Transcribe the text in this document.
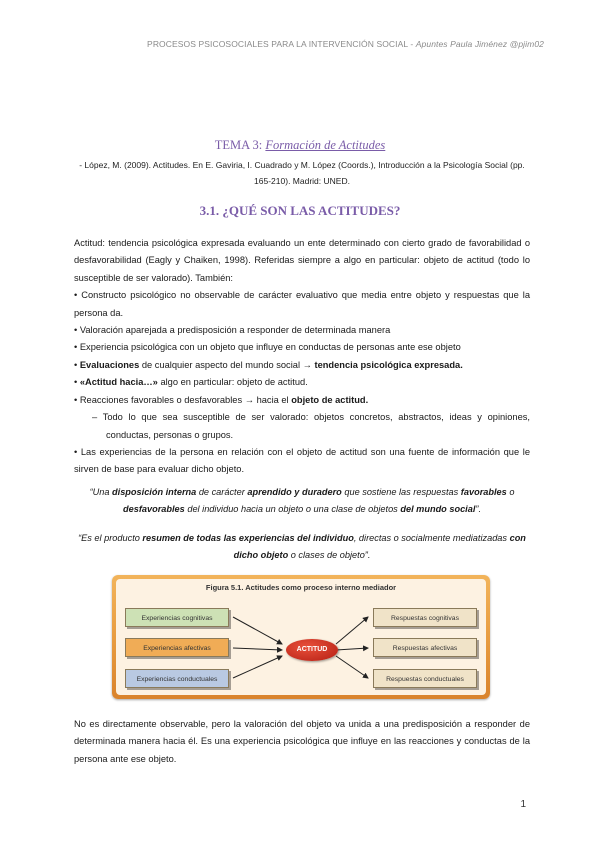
PROCESOS PSICOSOCIALES PARA LA INTERVENCIÓN SOCIAL - Apuntes Paula Jiménez @pjim02
TEMA 3: Formación de Actitudes
- López, M. (2009). Actitudes. En E. Gaviria, I. Cuadrado y M. López (Coords.), Introducción a la Psicología Social (pp. 165-210). Madrid: UNED.
3.1. ¿QUÉ SON LAS ACTITUDES?
Actitud: tendencia psicológica expresada evaluando un ente determinado con cierto grado de favorabilidad o desfavorabilidad (Eagly y Chaiken, 1998). Referidas siempre a algo en particular: objeto de actitud (todo lo susceptible de ser valorado). También:
• Constructo psicológico no observable de carácter evaluativo que media entre objeto y respuestas que la persona da.
• Valoración aparejada a predisposición a responder de determinada manera
• Experiencia psicológica con un objeto que influye en conductas de personas ante ese objeto
• Evaluaciones de cualquier aspecto del mundo social → tendencia psicológica expresada.
• «Actitud hacia…» algo en particular: objeto de actitud.
• Reacciones favorables o desfavorables → hacia el objeto de actitud.
– Todo lo que sea susceptible de ser valorado: objetos concretos, abstractos, ideas y opiniones, conductas, personas o grupos.
• Las experiencias de la persona en relación con el objeto de actitud son una fuente de información que le sirven de base para evaluar dicho objeto.
“Una disposición interna de carácter aprendido y duradero que sostiene las respuestas favorables o desfavorables del individuo hacia un objeto o una clase de objetos del mundo social”.
“Es el producto resumen de todas las experiencias del individuo, directas o socialmente mediatizadas con dicho objeto o clases de objeto”.
Figura 5.1. Actitudes como proceso interno mediador
Experiencias cognitivas
Experiencias afectivas
Experiencias conductuales
ACTITUD
Respuestas cognitivas
Respuestas afectivas
Respuestas conductuales
No es directamente observable, pero la valoración del objeto va unida a una predisposición a responder de determinada manera hacia él. Es una experiencia psicológica que influye en las reacciones y conductas de la persona ante ese objeto.
1
